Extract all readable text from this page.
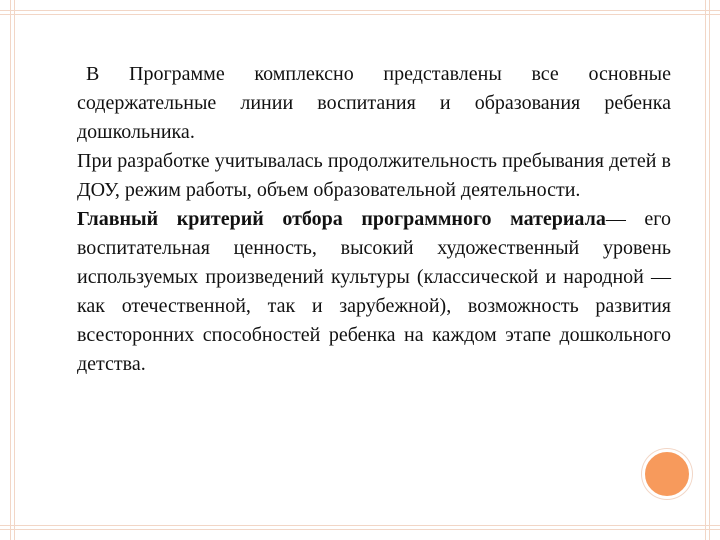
В Программе комплексно представлены все основные содержательные линии воспитания и образования ребенка дошкольника.

При разработке учитывалась продолжительность пребывания детей в ДОУ, режим работы, объем образовательной деятельности.

Главный критерий отбора программного материала— его воспитательная ценность, высокий художественный уровень используемых произведений культуры (классической и народной — как отечественной, так и зарубежной), возможность развития всесторонних способностей ребенка на каждом этапе дошкольного детства.
